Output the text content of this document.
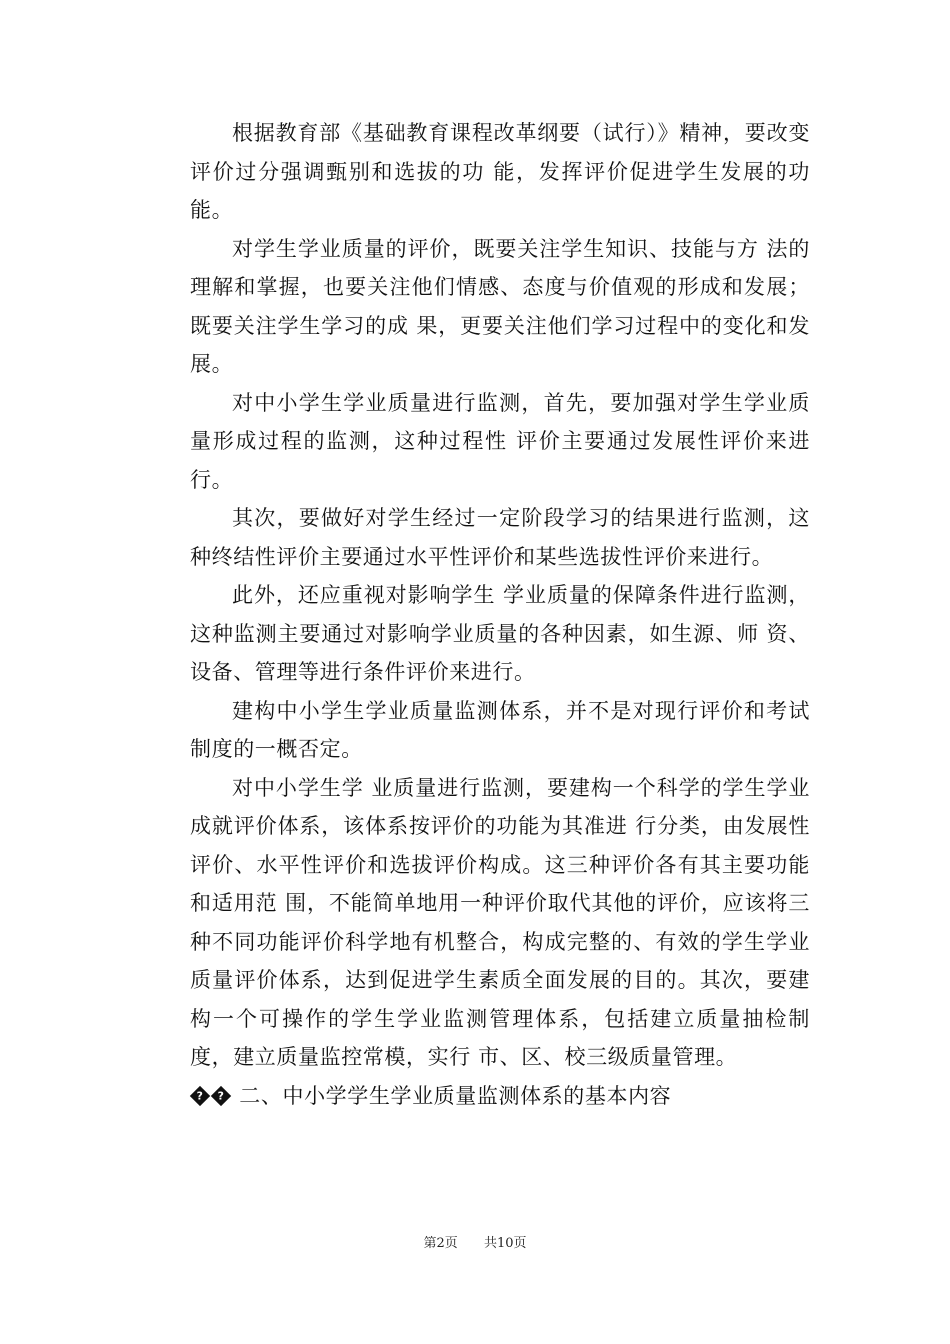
根据教育部《基础教育课程改革纲要（试行）》精神，要改变评价过分强调甄别和选拔的功 能，发挥评价促进学生发展的功能。

对学生学业质量的评价，既要关注学生知识、技能与方 法的理解和掌握，也要关注他们情感、态度与价值观的形成和发展；既要关注学生学习的成 果，更要关注他们学习过程中的变化和发展。

对中小学生学业质量进行监测，首先，要加强对学生学业质量形成过程的监测，这种过程性 评价主要通过发展性评价来进行。

其次，要做好对学生经过一定阶段学习的结果进行监测，这种终结性评价主要通过水平性评价和某些选拔性评价来进行。

此外，还应重视对影响学生 学业质量的保障条件进行监测，这种监测主要通过对影响学业质量的各种因素，如生源、师 资、设备、管理等进行条件评价来进行。

建构中小学生学业质量监测体系，并不是对现行评价和考试制度的一概否定。

对中小学生学 业质量进行监测，要建构一个科学的学生学业成就评价体系，该体系按评价的功能为其准进 行分类，由发展性评价、水平性评价和选拔评价构成。这三种评价各有其主要功能和适用范 围，不能简单地用一种评价取代其他的评价，应该将三种不同功能评价科学地有机整合，构成完整的、有效的学生学业质量评价体系，达到促进学生素质全面发展的目的。其次，要建 构一个可操作的学生学业监测管理体系，包括建立质量抽检制度，建立质量监控常模，实行 市、区、校三级质量管理。

?? 二、中小学学生学业质量监测体系的基本内容

第2页 共10页
